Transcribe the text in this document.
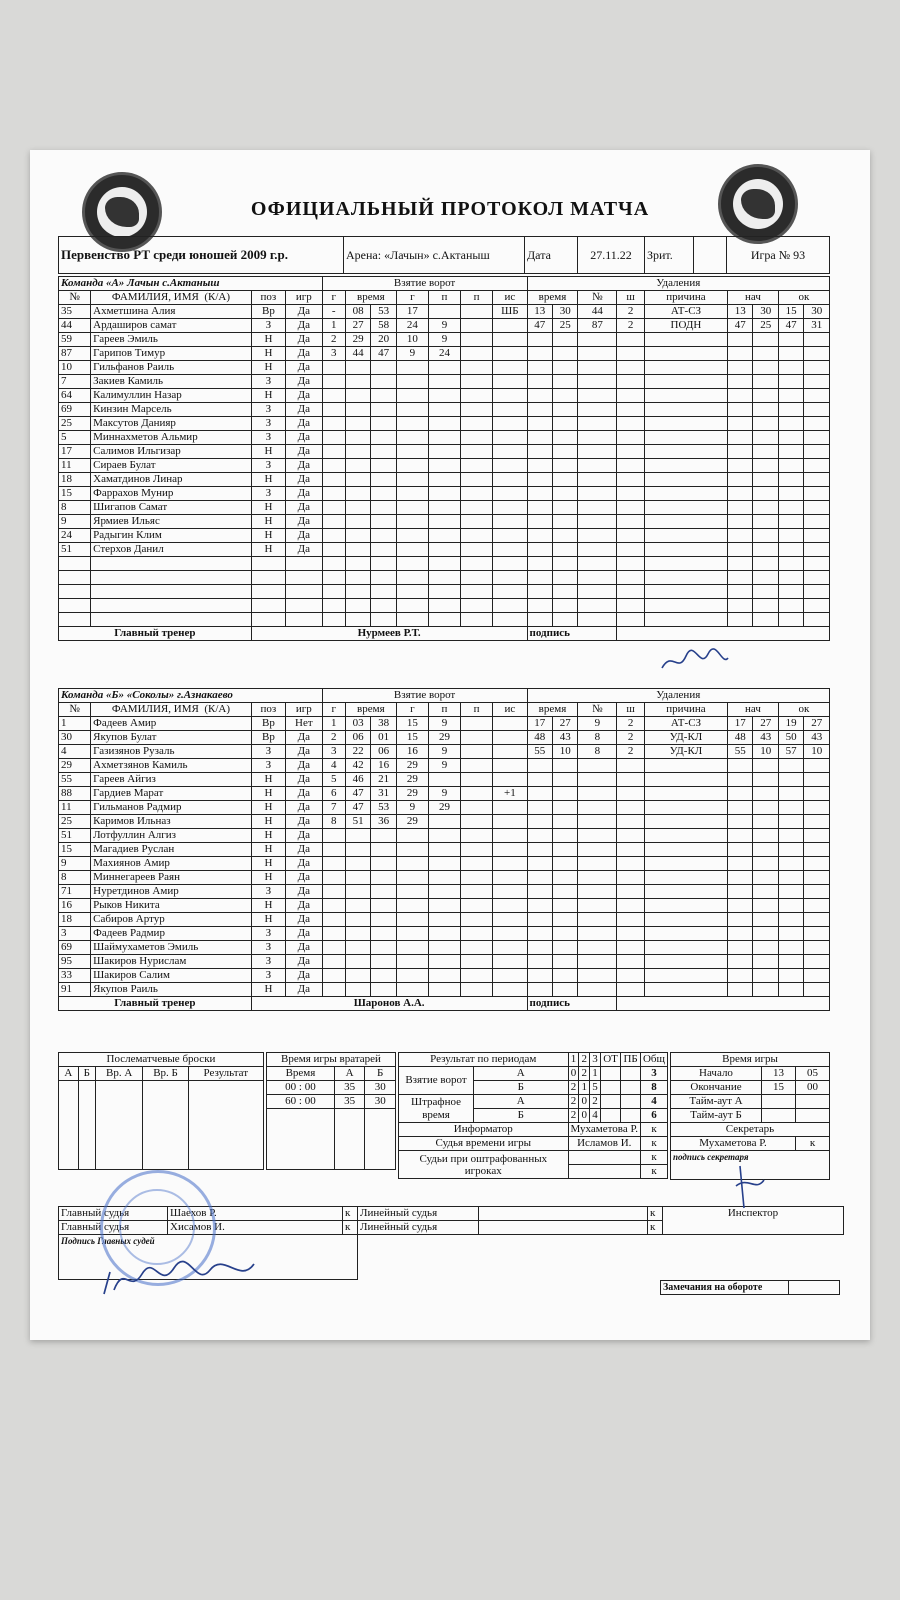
ОФИЦИАЛЬНЫЙ ПРОТОКОЛ МАТЧА
Первенство РТ среди юношей 2009 г.р.	Арена: «Лачын» с.Актаныш	Дата	27.11.22	Зрит.		Игра № 93
Команда «А» Лачын с.Актаныш				Взятие ворот							Удаления								
№	ФАМИЛИЯ, ИМЯ (К/А)	поз	игр	г	время		г	п	п	ис	время		№	ш	причина	нач		ок	
35	Ахметшина Алия	Вр	Да	-	08	53	17			ШБ	13	30	44	2	АТ-СЗ	13	30	15	30
44	Ардаширов самат	З	Да	1	27	58	24	9			47	25	87	2	ПОДН	47	25	47	31
59	Гареев Эмиль	Н	Да	2	29	20	10	9											
87	Гарипов Тимур	Н	Да	3	44	47	9	24											
10	Гильфанов Раиль	Н	Да																
7	Закиев Камиль	З	Да																
64	Калимуллин Назар	Н	Да																
69	Кинзин Марсель	З	Да																
25	Максутов Данияр	З	Да																
5	Миннахметов Альмир	З	Да																
17	Салимов Ильгизар	Н	Да																
11	Сираев Булат	З	Да																
18	Хаматдинов Линар	Н	Да																
15	Фаррахов Мунир	З	Да																
8	Шигапов Самат	Н	Да																
9	Ярмиев Ильяс	Н	Да																
24	Радыгин Клим	Н	Да																
51	Стерхов Данил	Н	Да																

Главный тренер		Нурмеев Р.Т.									подпись								
Команда «Б» «Соколы» г.Азнакаево				Взятие ворот							Удаления								
№	ФАМИЛИЯ, ИМЯ (К/А)	поз	игр	г	время		г	п	п	ис	время		№	ш	причина	нач		ок	
1	Фадеев Амир	Вр	Нет	1	03	38	15	9			17	27	9	2	АТ-СЗ	17	27	19	27
30	Якупов Булат	Вр	Да	2	06	01	15	29			48	43	8	2	УД-КЛ	48	43	50	43
4	Газизянов Рузаль	З	Да	3	22	06	16	9			55	10	8	2	УД-КЛ	55	10	57	10
29	Ахметзянов Камиль	З	Да	4	42	16	29	9											
55	Гареев Айгиз	Н	Да	5	46	21	29												
88	Гардиев Марат	Н	Да	6	47	31	29	9		+1									
11	Гильманов Радмир	Н	Да	7	47	53	9	29											
25	Каримов Ильназ	Н	Да	8	51	36	29												
51	Лотфуллин Алгиз	Н	Да																
15	Магадиев Руслан	Н	Да																
9	Махиянов Амир	Н	Да																
8	Миннегареев Раян	Н	Да																
71	Нуретдинов Амир	З	Да																
16	Рыков Никита	Н	Да																
18	Сабиров Артур	Н	Да																
3	Фадеев Радмир	З	Да																
69	Шаймухаметов Эмиль	З	Да																
95	Шакиров Нурислам	З	Да																
33	Шакиров Салим	З	Да																
91	Якупов Раиль	Н	Да																
Главный тренер		Шаронов А.А.									подпись								
Послематчевые броски				
А	Б	Вр. А	Вр. Б	Результат

Время игры вратарей		
Время	А	Б
00 : 00	35	30
60 : 00	35	30

Результат по периодам		1	2	3	ОТ	ПБ	Общ
Взятие ворот	А	0	2	1			3
	Б	2	1	5			8
Штрафное время	А	2	0	2			4
	Б	2	0	4			6
Информатор		Мухаметова Р.					к
Судья времени игры		Исламов И.					к
Судьи при оштрафованных игроках							к
							к
Время игры		
Начало	13	05
Окончание	15	00
Тайм-аут А		
Тайм-аут Б		
Секретарь		
Мухаметова Р.		к
подпись секретаря		
Главный судья	Шаехов Р.	к	Линейный судья		к	Инспектор
Главный судья	Хисамов И.	к	Линейный судья		к	
Подпись Главных судей						
Замечания на обороте	
